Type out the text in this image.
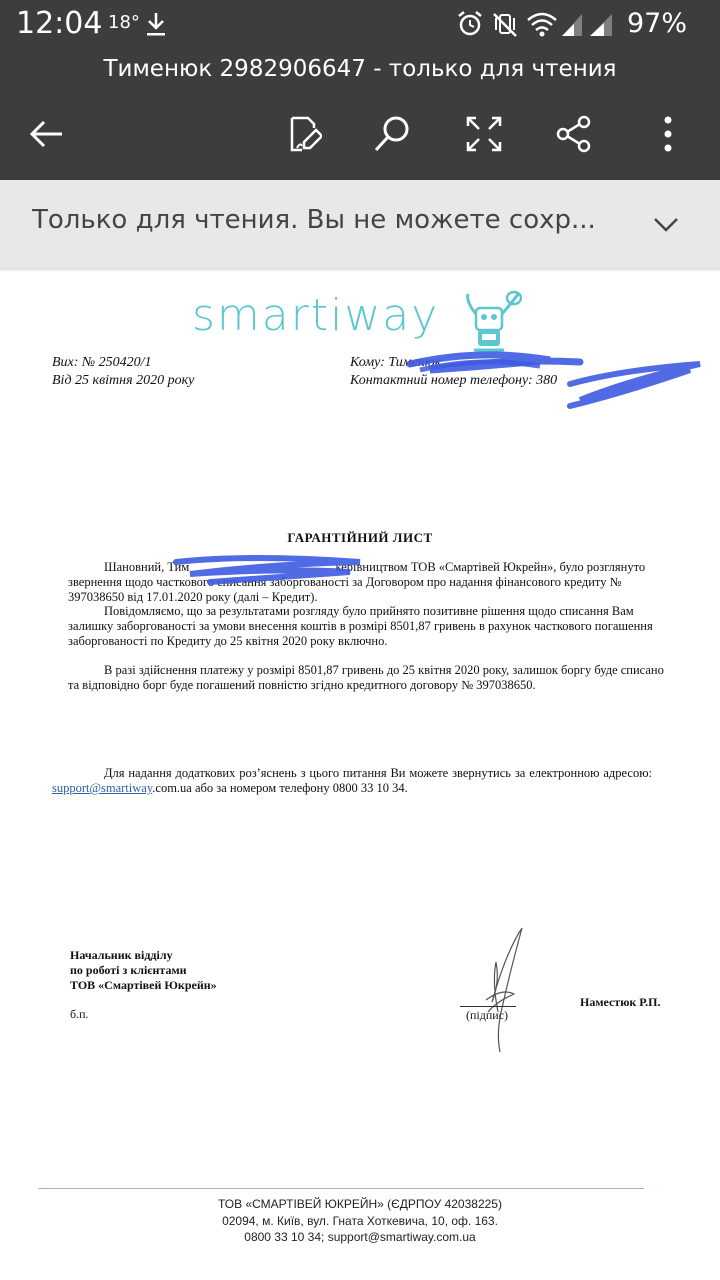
12:04 18°	97%
Тименюк 2982906647 - только для чтения
Только для чтения. Вы не можете сохр...
smartiway
Вих: № 250420/1
Від 25 квітня 2020 року
Кому: Тименюк
Контактний номер телефону: 380
ГАРАНТІЙНИЙ ЛИСТ
Шановний, Тим	керівництвом ТОВ «Смартівей Юкрейн», було розглянуто звернення щодо часткового списання заборгованості за Договором про надання фінансового кредиту № 397038650 від 17.01.2020 року (далі – Кредит).
Повідомляємо, що за результатами розгляду було прийнято позитивне рішення щодо списання Вам залишку заборгованості за умови внесення коштів в розмірі 8501,87 гривень в рахунок часткового погашення заборгованості по Кредиту до 25 квітня 2020 року включно.
В разі здійснення платежу у розмірі 8501,87 гривень до 25 квітня 2020 року, залишок боргу буде списано та відповідно борг буде погашений повністю згідно кредитного договору № 397038650.
Для надання додаткових роз’яснень з цього питання Ви можете звернутись за електронною адресою: support@smartiway.com.ua або за номером телефону 0800 33 10 34.
Начальник відділу
по роботі з клієнтами
ТОВ «Смартівей Юкрейн»
б.п.	(підпис)
Наместюк Р.П.
ТОВ «СМАРТІВЕЙ ЮКРЕЙН» (ЄДРПОУ 42038225)
02094, м. Київ, вул. Гната Хоткевича, 10, оф. 163.
0800 33 10 34; support@smartiway.com.ua
